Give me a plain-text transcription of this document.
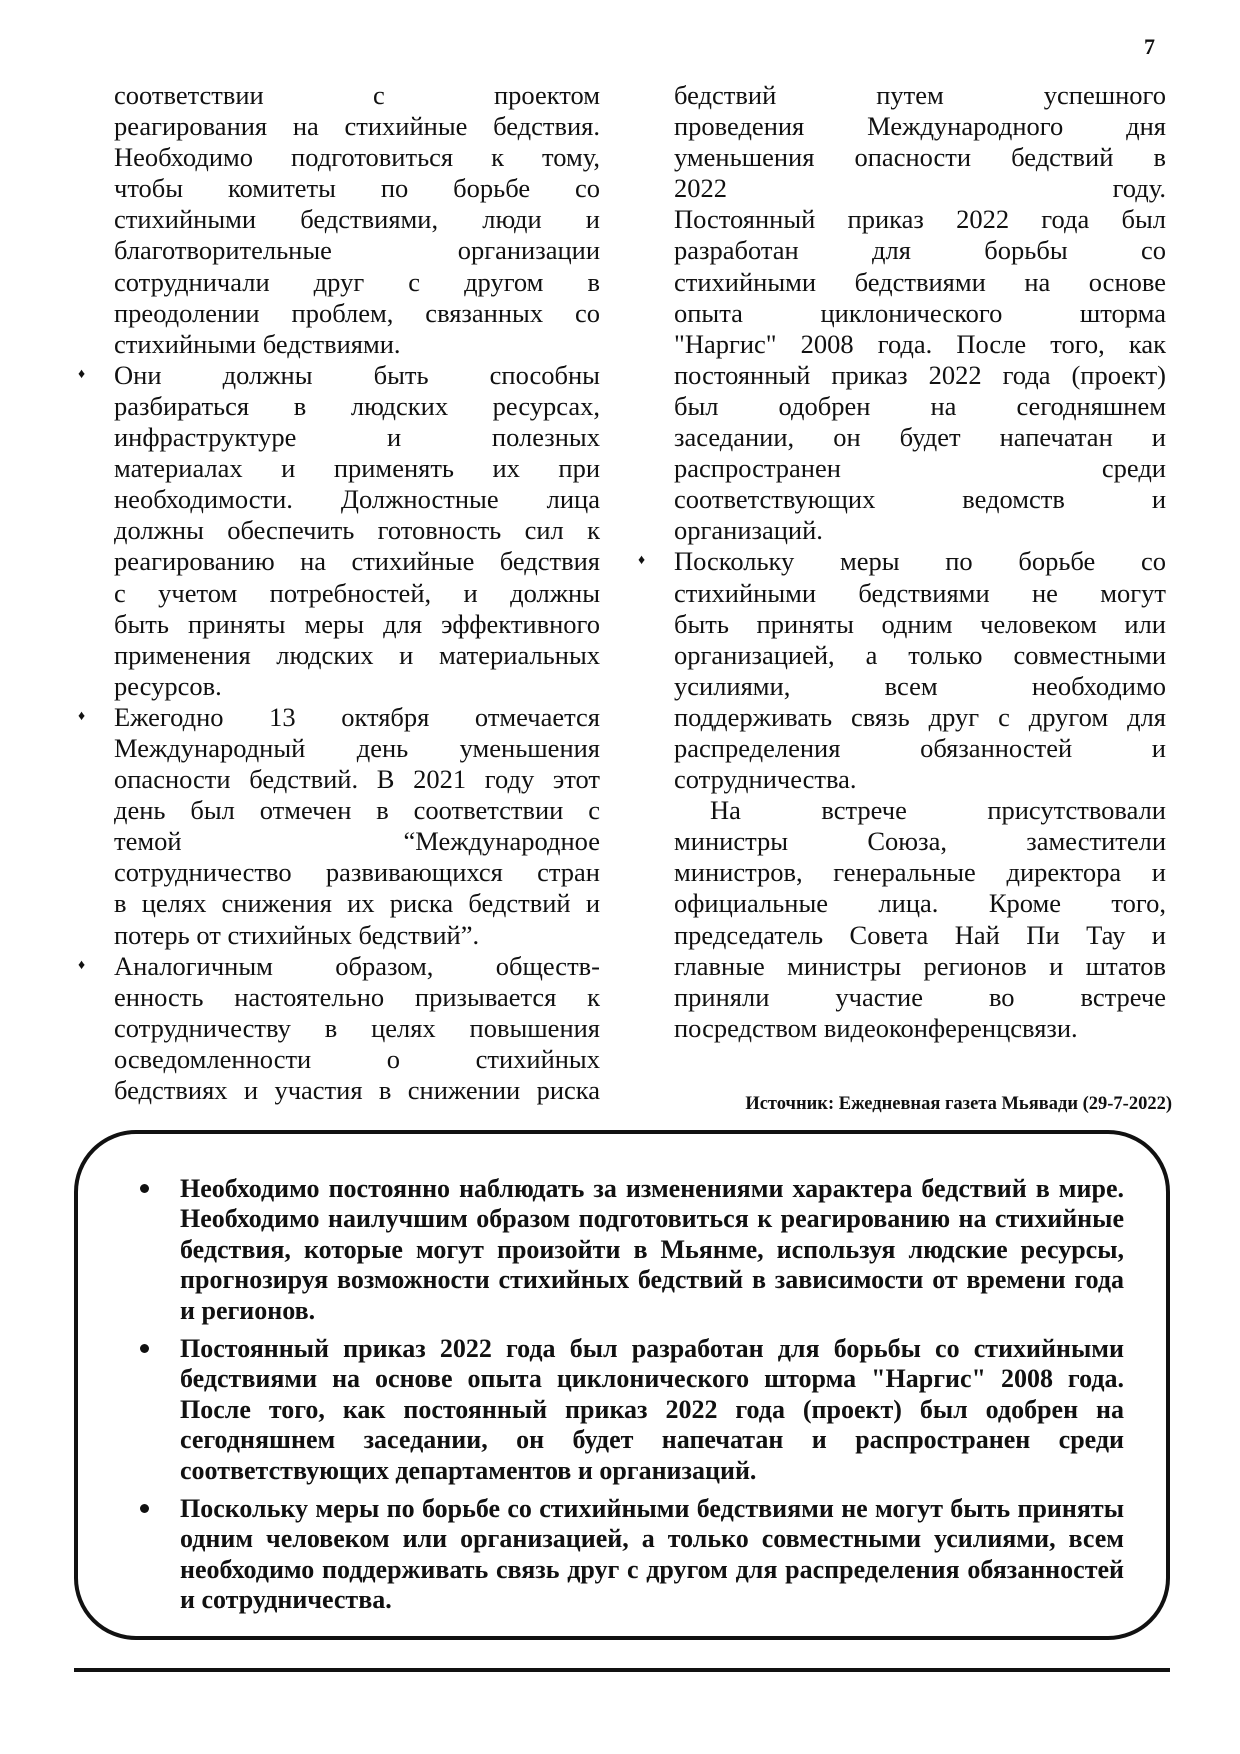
7

соответствии с проектом

реагирования на стихийные бедствия.

Необходимо подготовиться к тому,

чтобы комитеты по борьбе со

стихийными бедствиями, люди и

благотворительные организации

сотрудничали друг с другом в

преодолении проблем, связанных со

стихийными бедствиями.

♦ Они должны быть способны

разбираться в людских ресурсах,

инфраструктуре и полезных

материалах и применять их при

необходимости. Должностные лица

должны обеспечить готовность сил к

реагированию на стихийные бедствия

с учетом потребностей, и должны

быть приняты меры для эффективного

применения людских и материальных

ресурсов.

♦ Ежегодно 13 октября отмечается

Международный день уменьшения

опасности бедствий. В 2021 году этот

день был отмечен в соответствии с

темой “Международное

сотрудничество развивающихся стран

в целях снижения их риска бедствий и

потерь от стихийных бедствий”.

♦ Аналогичным образом, обществ-

енность настоятельно призывается к

сотрудничеству в целях повышения

осведомленности о стихийных

бедствиях и участия в снижении риска

бедствий путем успешного

проведения Международного дня

уменьшения опасности бедствий в

2022 году.

Постоянный приказ 2022 года был

разработан для борьбы со

стихийными бедствиями на основе

опыта циклонического шторма

"Наргис" 2008 года. После того, как

постоянный приказ 2022 года (проект)

был одобрен на сегодняшнем

заседании, он будет напечатан и

распространен среди

соответствующих ведомств и

организаций.

♦ Поскольку меры по борьбе со

стихийными бедствиями не могут

быть приняты одним человеком или

организацией, а только совместными

усилиями, всем необходимо

поддерживать связь друг с другом для

распределения обязанностей и

сотрудничества.

На встрече присутствовали

министры Союза, заместители

министров, генеральные директора и

официальные лица. Кроме того,

председатель Совета Най Пи Тау и

главные министры регионов и штатов

приняли участие во встрече

посредством видеоконференцсвязи.

Источник: Ежедневная газета Мьявади (29-7-2022)

Необходимо постоянно наблюдать за изменениями характера бедствий в мире. Необходимо наилучшим образом подготовиться к реагированию на стихийные бедствия, которые могут произойти в Мьянме, используя людские ресурсы, прогнозируя возможности стихийных бедствий в зависимости от времени года и регионов.

Постоянный приказ 2022 года был разработан для борьбы со стихийными бедствиями на основе опыта циклонического шторма "Наргис" 2008 года. После того, как постоянный приказ 2022 года (проект) был одобрен на сегодняшнем заседании, он будет напечатан и распространен среди соответствующих департаментов и организаций.

Поскольку меры по борьбе со стихийными бедствиями не могут быть приняты одним человеком или организацией, а только совместными усилиями, всем необходимо поддерживать связь друг с другом для распределения обязанностей и сотрудничества.
